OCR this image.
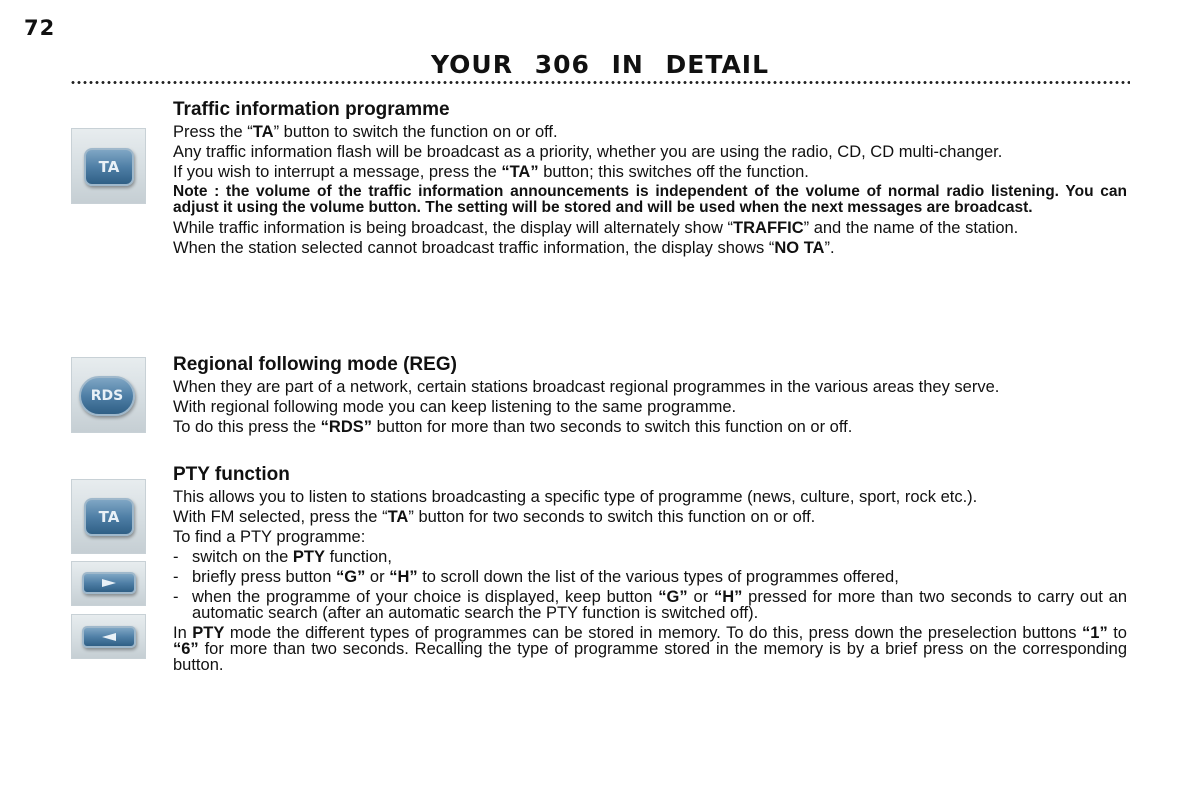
72
YOUR 306 IN DETAIL
TA
RDS
TA
Traffic information programme

Press the “TA” button to switch the function on or off.

Any traffic information flash will be broadcast as a priority, whether you are using the radio, CD, CD multi-changer.

If you wish to interrupt a message, press the “TA” button; this switches off the function.

Note : the volume of the traffic information announcements is independent of the volume of normal radio listening. You can adjust it using the volume button. The setting will be stored and will be used when the next messages are broadcast.

While traffic information is being broadcast, the display will alternately show “TRAFFIC” and the name of the station.

When the station selected cannot broadcast traffic information, the display shows “NO TA”.

Regional following mode (REG)

When they are part of a network, certain stations broadcast regional programmes in the various areas they serve.

With regional following mode you can keep listening to the same programme.

To do this press the “RDS” button for more than two seconds to switch this function on or off.

PTY function

This allows you to listen to stations broadcasting a specific type of programme (news, culture, sport, rock etc.).

With FM selected, press the “TA” button for two seconds to switch this function on or off.

To find a PTY programme:

- switch on the PTY function,

- briefly press button “G” or “H” to scroll down the list of the various types of programmes offered,

- when the programme of your choice is displayed, keep button “G” or “H” pressed for more than two seconds to carry out an automatic search (after an automatic search the PTY function is switched off).

In PTY mode the different types of programmes can be stored in memory. To do this, press down the preselection buttons “1” to “6” for more than two seconds. Recalling the type of programme stored in the memory is by a brief press on the corresponding button.
